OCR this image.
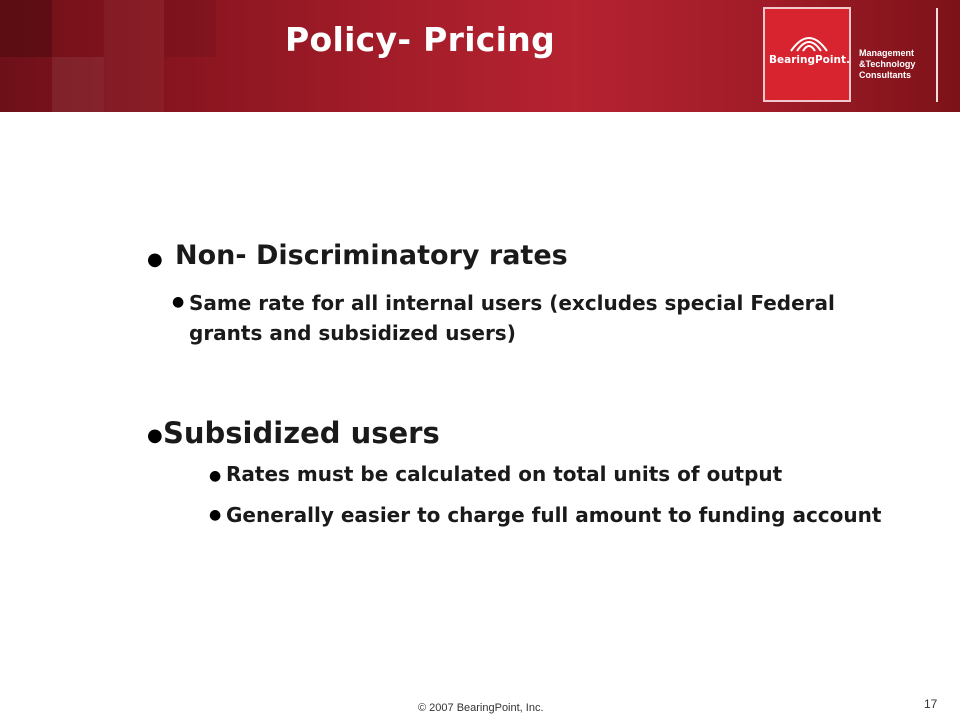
Policy- Pricing
BearingPoint.
Management
&Technology
Consultants
● Non- Discriminatory rates
● Same rate for all internal users (excludes special Federal grants and subsidized users)
● Subsidized users
● Rates must be calculated on total units of output
● Generally easier to charge full amount to funding account
© 2007 BearingPoint, Inc.	17
